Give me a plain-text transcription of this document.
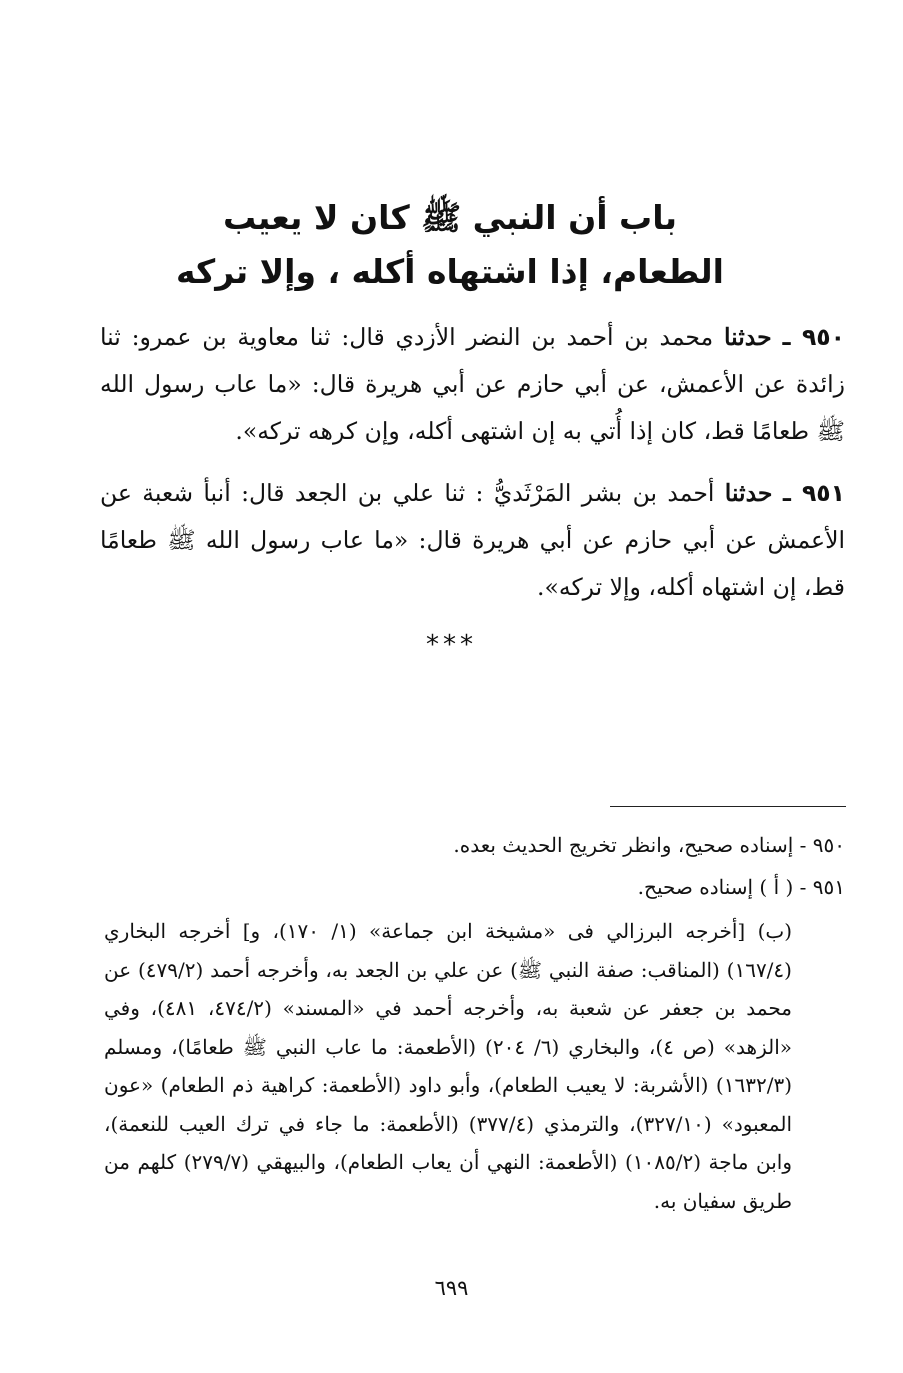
باب أن النبي ﷺ كان لا يعيب
الطعام، إذا اشتهاه أكله ، وإلا تركه

٩٥٠ ـ حدثنا محمد بن أحمد بن النضر الأزدي قال: ثنا معاوية بن عمرو: ثنا زائدة عن الأعمش، عن أبي حازم عن أبي هريرة قال: «ما عاب رسول الله ﷺ طعامًا قط، كان إذا أُتي به إن اشتهى أكله، وإن كرهه تركه».

٩٥١ ـ حدثنا أحمد بن بشر المَرْثَديُّ : ثنا علي بن الجعد قال: أنبأ شعبة عن الأعمش عن أبي حازم عن أبي هريرة قال: «ما عاب رسول الله ﷺ طعامًا قط، إن اشتهاه أكله، وإلا تركه».

***

٩٥٠ - إسناده صحيح، وانظر تخريج الحديث بعده.

٩٥١ - ( أ ) إسناده صحيح.

(ب) [أخرجه البرزالي فى «مشيخة ابن جماعة» (١/ ١٧٠)، و] أخرجه البخاري (١٦٧/٤) (المناقب: صفة النبي ﷺ) عن علي بن الجعد به، وأخرجه أحمد (٤٧٩/٢) عن محمد بن جعفر عن شعبة به، وأخرجه أحمد في «المسند» (٤٧٤/٢، ٤٨١)، وفي «الزهد» (ص ٤)، والبخاري (٦/ ٢٠٤) (الأطعمة: ما عاب النبي ﷺ طعامًا)، ومسلم (١٦٣٢/٣) (الأشربة: لا يعيب الطعام)، وأبو داود (الأطعمة: كراهية ذم الطعام) «عون المعبود» (٣٢٧/١٠)، والترمذي (٣٧٧/٤) (الأطعمة: ما جاء في ترك العيب للنعمة)، وابن ماجة (١٠٨٥/٢) (الأطعمة: النهي أن يعاب الطعام)، والبيهقي (٢٧٩/٧) كلهم من طريق سفيان به.

٦٩٩
